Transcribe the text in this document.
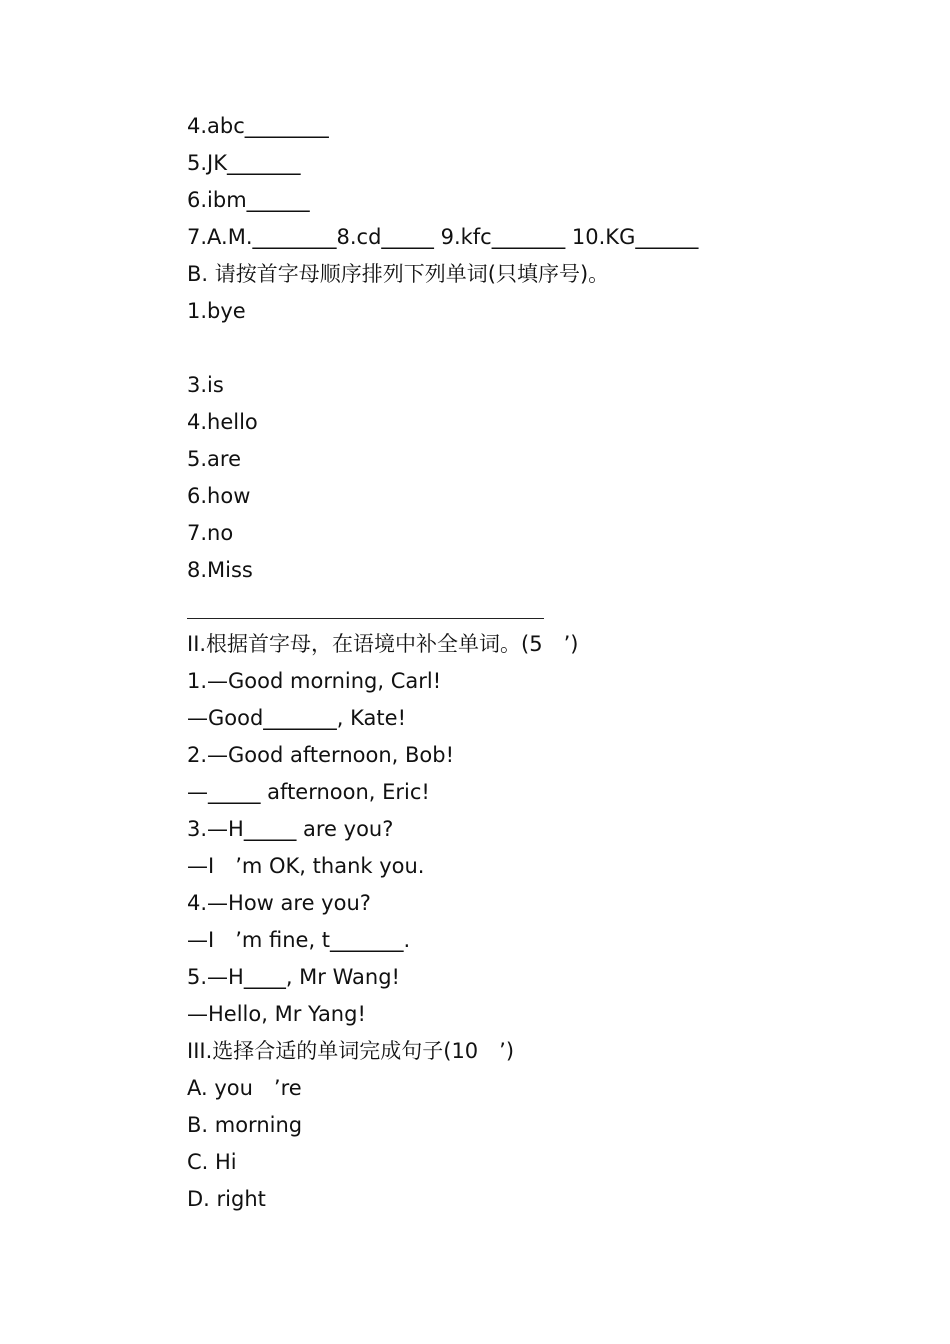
4.abc________
5.JK_______
6.ibm______
7.A.M.________8.cd_____ 9.kfc_______ 10.KG______
B. 请按首字母顺序排列下列单词(只填序号)。
1.bye
3.is
4.hello
5.are
6.how
7.no
8.Miss
II.根据首字母，在语境中补全单词。(5　’)
1.—Good morning, Carl!
—Good_______, Kate!
2.—Good afternoon, Bob!
—_____ afternoon, Eric!
3.—H_____ are you?
—I　’m OK, thank you.
4.—How are you?
—I　’m fine, t_______.
5.—H____, Mr Wang!
—Hello, Mr Yang!
III.选择合适的单词完成句子(10　’)
A. you　’re
B. morning
C. Hi
D. right
